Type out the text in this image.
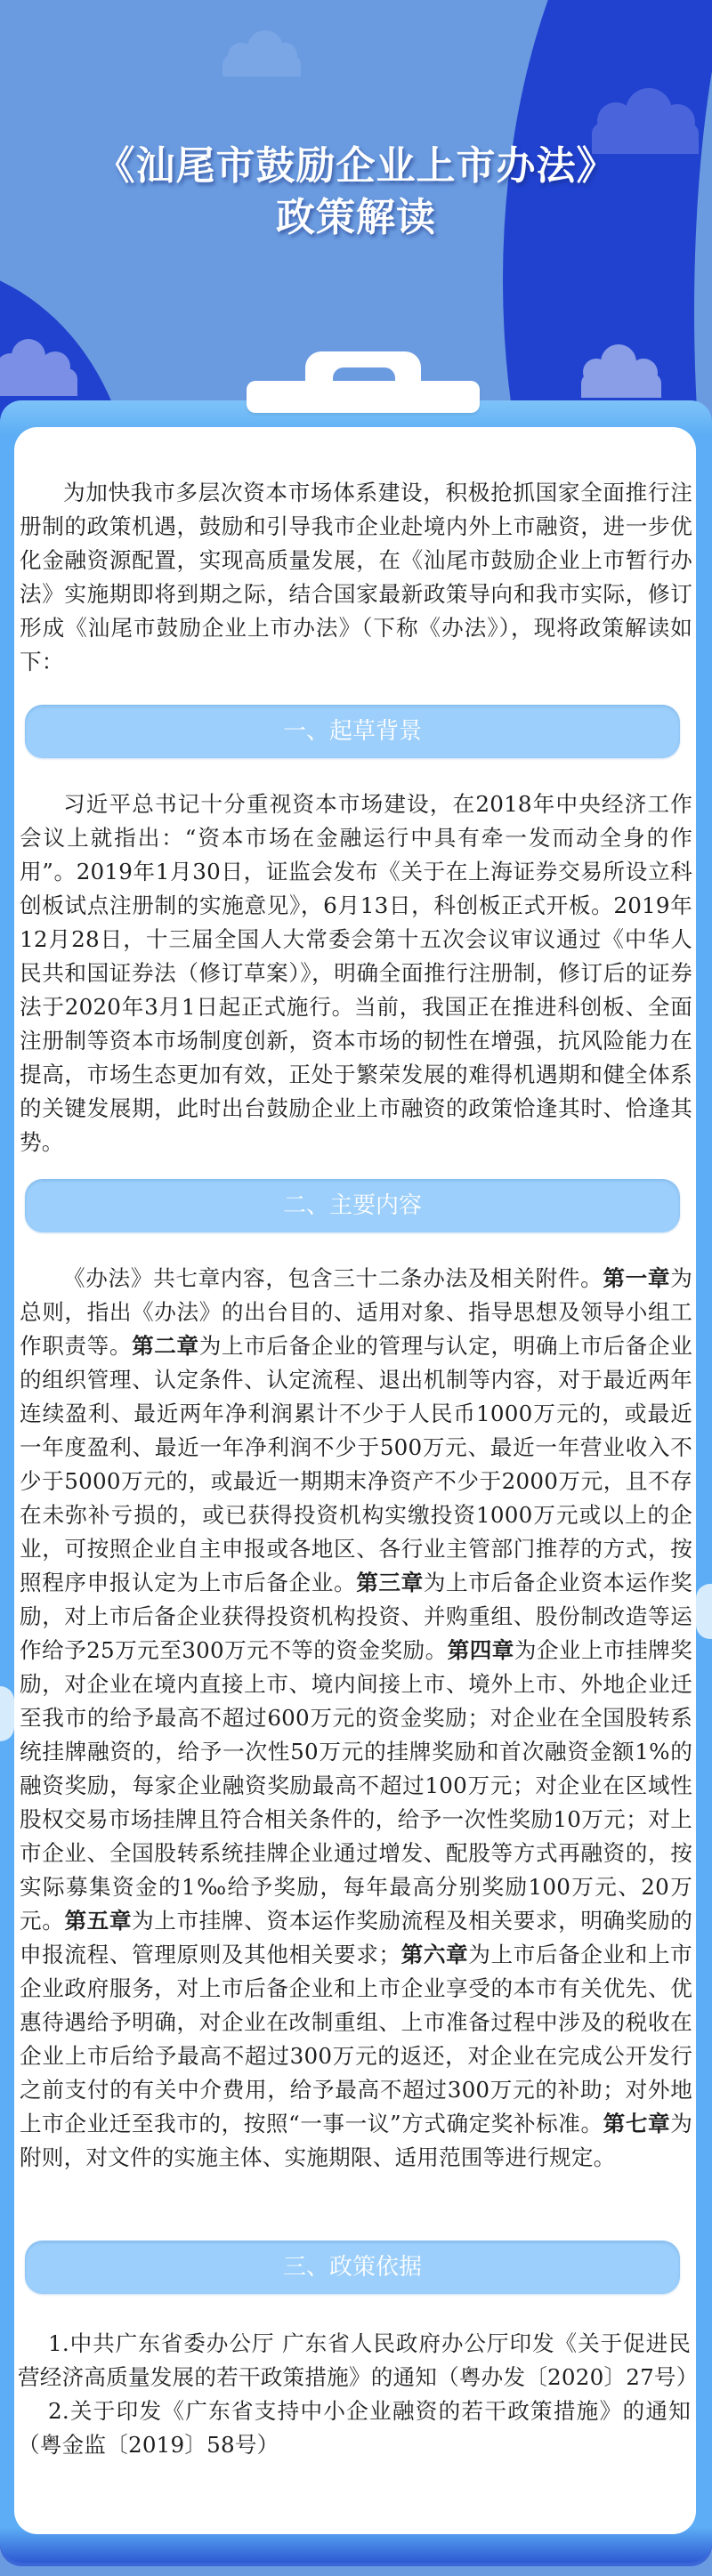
《汕尾市鼓励企业上市办法》
政策解读

为加快我市多层次资本市场体系建设，积极抢抓国家全面推行注册制的政策机遇，鼓励和引导我市企业赴境内外上市融资，进一步优化金融资源配置，实现高质量发展，在《汕尾市鼓励企业上市暂行办法》实施期即将到期之际，结合国家最新政策导向和我市实际，修订形成《汕尾市鼓励企业上市办法》（下称《办法》），现将政策解读如下：

一、起草背景

习近平总书记十分重视资本市场建设，在2018年中央经济工作会议上就指出：“资本市场在金融运行中具有牵一发而动全身的作用”。2019年1月30日，证监会发布《关于在上海证券交易所设立科创板试点注册制的实施意见》，6月13日，科创板正式开板。2019年12月28日，十三届全国人大常委会第十五次会议审议通过《中华人民共和国证券法（修订草案）》，明确全面推行注册制，修订后的证券法于2020年3月1日起正式施行。当前，我国正在推进科创板、全面注册制等资本市场制度创新，资本市场的韧性在增强，抗风险能力在提高，市场生态更加有效，正处于繁荣发展的难得机遇期和健全体系的关键发展期，此时出台鼓励企业上市融资的政策恰逢其时、恰逢其势。

二、主要内容

《办法》共七章内容，包含三十二条办法及相关附件。第一章为总则，指出《办法》的出台目的、适用对象、指导思想及领导小组工作职责等。第二章为上市后备企业的管理与认定，明确上市后备企业的组织管理、认定条件、认定流程、退出机制等内容，对于最近两年连续盈利、最近两年净利润累计不少于人民币1000万元的，或最近一年度盈利、最近一年净利润不少于500万元、最近一年营业收入不少于5000万元的，或最近一期期末净资产不少于2000万元，且不存在未弥补亏损的，或已获得投资机构实缴投资1000万元或以上的企业，可按照企业自主申报或各地区、各行业主管部门推荐的方式，按照程序申报认定为上市后备企业。第三章为上市后备企业资本运作奖励，对上市后备企业获得投资机构投资、并购重组、股份制改造等运作给予25万元至300万元不等的资金奖励。第四章为企业上市挂牌奖励，对企业在境内直接上市、境内间接上市、境外上市、外地企业迁至我市的给予最高不超过600万元的资金奖励；对企业在全国股转系统挂牌融资的，给予一次性50万元的挂牌奖励和首次融资金额1%的融资奖励，每家企业融资奖励最高不超过100万元；对企业在区域性股权交易市场挂牌且符合相关条件的，给予一次性奖励10万元；对上市企业、全国股转系统挂牌企业通过增发、配股等方式再融资的，按实际募集资金的1‰给予奖励，每年最高分别奖励100万元、20万元。第五章为上市挂牌、资本运作奖励流程及相关要求，明确奖励的申报流程、管理原则及其他相关要求；第六章为上市后备企业和上市企业政府服务，对上市后备企业和上市企业享受的本市有关优先、优惠待遇给予明确，对企业在改制重组、上市准备过程中涉及的税收在企业上市后给予最高不超过300万元的返还，对企业在完成公开发行之前支付的有关中介费用，给予最高不超过300万元的补助；对外地上市企业迁至我市的，按照“一事一议”方式确定奖补标准。第七章为附则，对文件的实施主体、实施期限、适用范围等进行规定。

三、政策依据

1.中共广东省委办公厅 广东省人民政府办公厅印发《关于促进民营经济高质量发展的若干政策措施》的通知（粤办发〔2020〕27号）

2.关于印发《广东省支持中小企业融资的若干政策措施》的通知（粤金监〔2019〕58号）
